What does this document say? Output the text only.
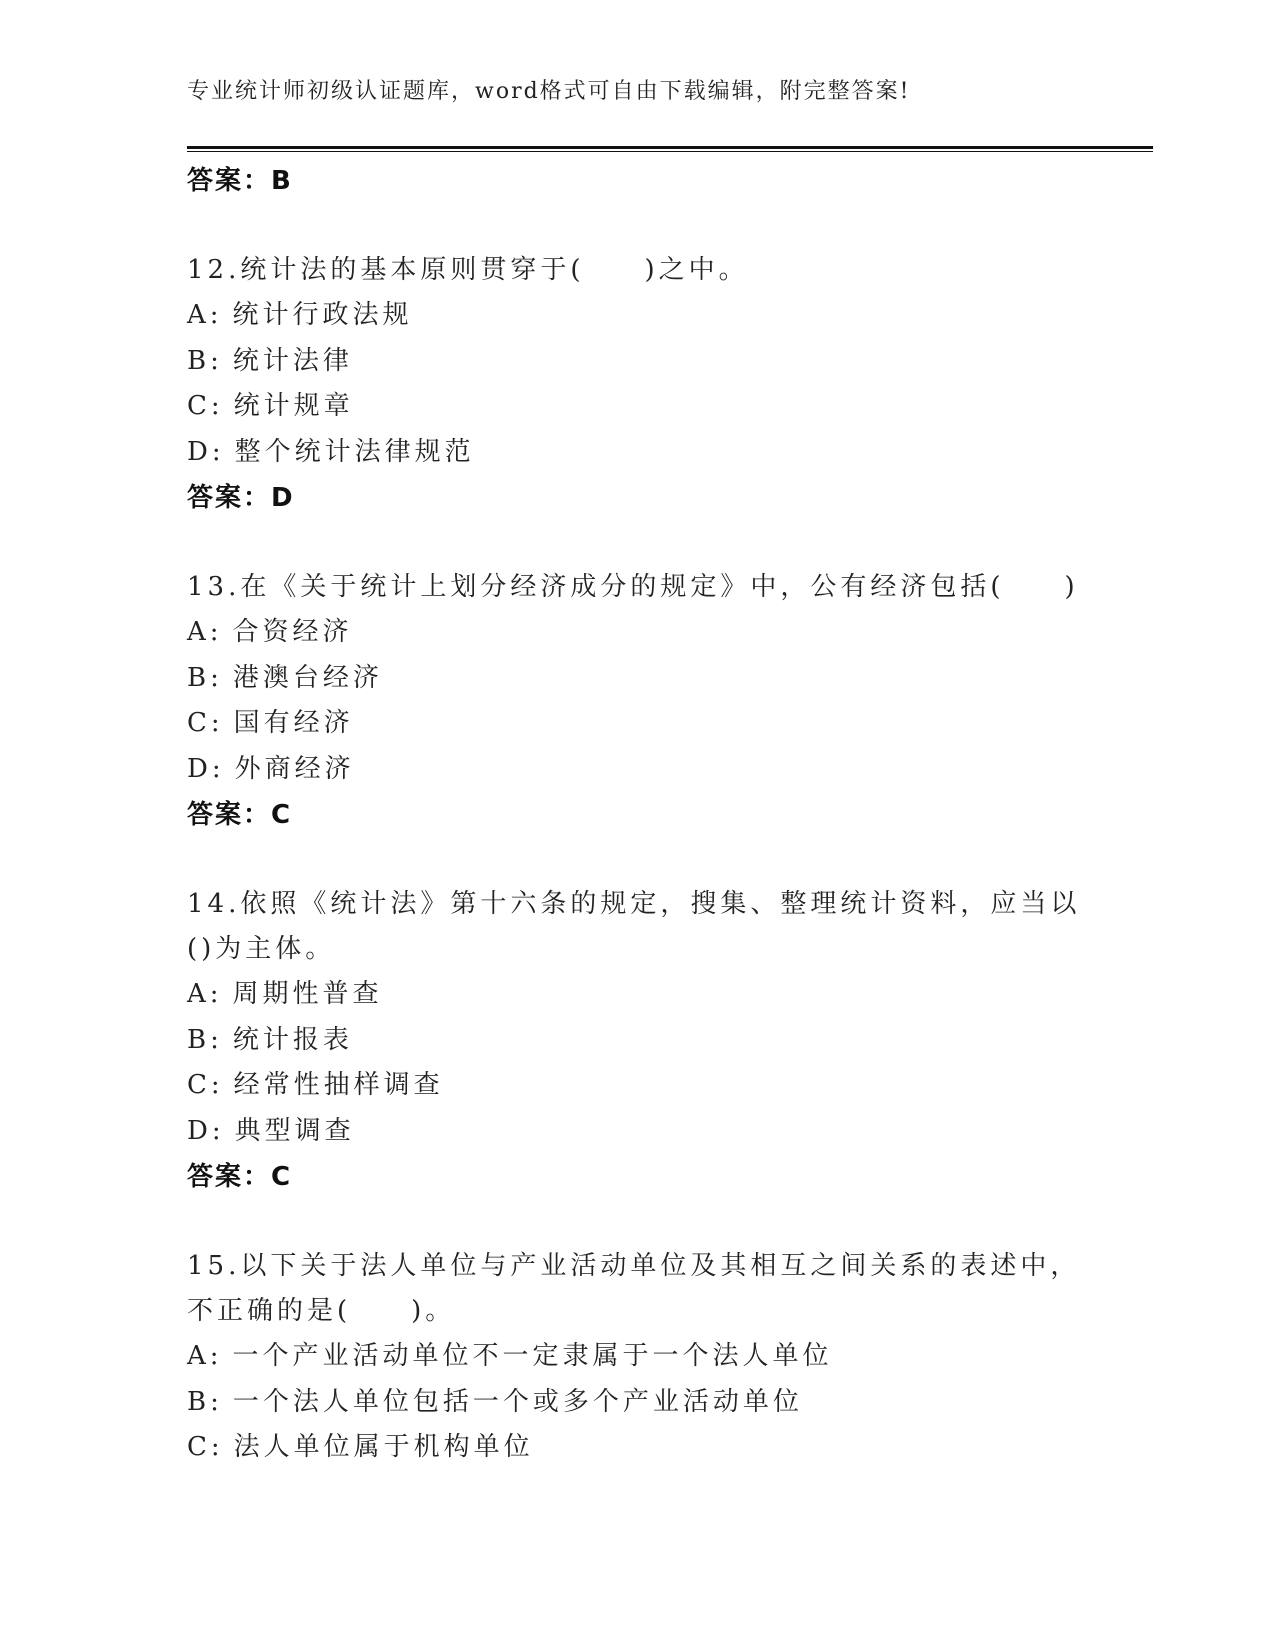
专业统计师初级认证题库，word格式可自由下载编辑，附完整答案!
答案：B
12.统计法的基本原则贯穿于(　　)之中。
A: 统计行政法规
B: 统计法律
C: 统计规章
D: 整个统计法律规范
答案：D
13.在《关于统计上划分经济成分的规定》中，公有经济包括(　　)
A: 合资经济
B: 港澳台经济
C: 国有经济
D: 外商经济
答案：C
14.依照《统计法》第十六条的规定，搜集、整理统计资料，应当以()为主体。
A: 周期性普查
B: 统计报表
C: 经常性抽样调查
D: 典型调查
答案：C
15.以下关于法人单位与产业活动单位及其相互之间关系的表述中，不正确的是(　　)。
A: 一个产业活动单位不一定隶属于一个法人单位
B: 一个法人单位包括一个或多个产业活动单位
C: 法人单位属于机构单位
